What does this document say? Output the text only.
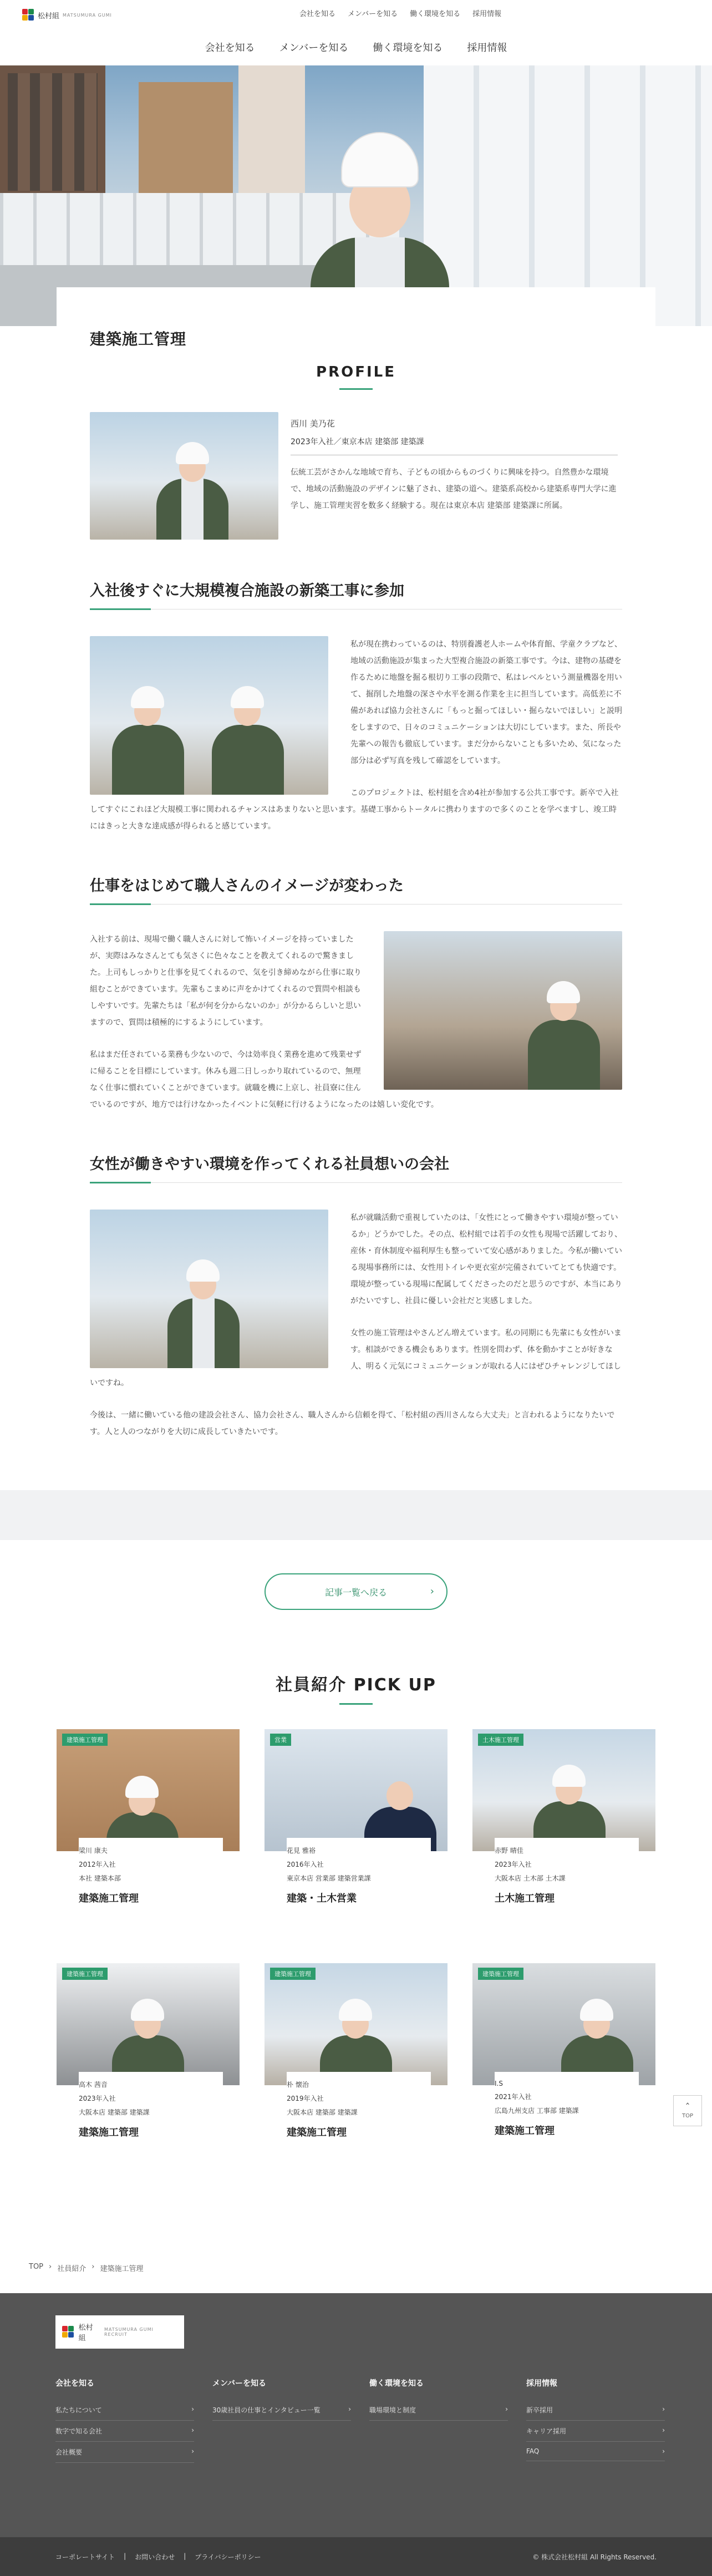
松村組 MATSUMURA GUMI	会社を知る メンバーを知る 働く環境を知る 採用情報
会社を知る メンバーを知る 働く環境を知る 採用情報
建築施工管理
PROFILE
西川 美乃花
2023年入社／東京本店 建築部 建築課

伝統工芸がさかんな地域で育ち、子どもの頃からものづくりに興味を持つ。自然豊かな環境で、地域の活動施設のデザインに魅了され、建築の道へ。建築系高校から建築系専門大学に進学し、施工管理実習を数多く経験する。現在は東京本店 建築部 建築課に所属。

入社後すぐに大規模複合施設の新築工事に参加

私が現在携わっているのは、特別養護老人ホームや体育館、学童クラブなど、地域の活動施設が集まった大型複合施設の新築工事です。今は、建物の基礎を作るために地盤を掘る根切り工事の段階で、私はレベルという測量機器を用いて、掘削した地盤の深さや水平を測る作業を主に担当しています。高低差に不備があれば協力会社さんに「もっと掘ってほしい・掘らないでほしい」と説明をしますので、日々のコミュニケーションは大切にしています。また、所長や先輩への報告も徹底しています。まだ分からないことも多いため、気になった部分は必ず写真を残して確認をしています。

このプロジェクトは、松村組を含め4社が参加する公共工事です。新卒で入社してすぐにこれほど大規模工事に関われるチャンスはあまりないと思います。基礎工事からトータルに携わりますので多くのことを学べますし、竣工時にはきっと大きな達成感が得られると感じています。

仕事をはじめて職人さんのイメージが変わった

入社する前は、現場で働く職人さんに対して怖いイメージを持っていましたが、実際はみなさんとても気さくに色々なことを教えてくれるので驚きました。上司もしっかりと仕事を見てくれるので、気を引き締めながら仕事に取り組むことができています。先輩もこまめに声をかけてくれるので質問や相談もしやすいです。先輩たちは「私が何を分からないのか」が分かるらしいと思いますので、質問は積極的にするようにしています。

私はまだ任されている業務も少ないので、今は効率良く業務を進めて残業せずに帰ることを目標にしています。休みも週二日しっかり取れているので、無理なく仕事に慣れていくことができています。就職を機に上京し、社員寮に住んでいるのですが、地方では行けなかったイベントに気軽に行けるようになったのは嬉しい変化です。

女性が働きやすい環境を作ってくれる社員想いの会社

私が就職活動で重視していたのは、「女性にとって働きやすい環境が整っているか」どうかでした。その点、松村組では若手の女性も現場で活躍しており、産休・育休制度や福利厚生も整っていて安心感がありました。今私が働いている現場事務所には、女性用トイレや更衣室が完備されていてとても快適です。環境が整っている現場に配属してくださったのだと思うのですが、本当にありがたいですし、社員に優しい会社だと実感しました。

女性の施工管理はやさんどん増えています。私の同期にも先輩にも女性がいます。相談ができる機会もあります。性別を問わず、体を動かすことが好きな人、明るく元気にコミュニケーションが取れる人にはぜひチャレンジしてほしいですね。

今後は、一緒に働いている他の建設会社さん、協力会社さん、職人さんから信頼を得て、「松村組の西川さんなら大丈夫」と言われるようになりたいです。人と人のつながりを大切に成長していきたいです。

記事一覧へ戻る	›
社員紹介 PICK UP
建築施工管理
梁川 康夫
2012年入社
本社 建築本部
建築施工管理
営業
花見 雅裕
2016年入社
東京本店 営業部 建築営業課
建築・土木営業
土木施工管理
赤野 晴佳
2023年入社
大阪本店 土木部 土木課
土木施工管理
建築施工管理
高木 茜音
2023年入社
大阪本店 建築部 建築課
建築施工管理
建築施工管理
朴 懐治
2019年入社
大阪本店 建築部 建築課
建築施工管理
建築施工管理
I.S
2021年入社
広島九州支店 工事部 建築課
建築施工管理
ˆ
TOP
TOP › 社員紹介 › 建築施工管理
松村組
MATSUMURA GUMI RECRUIT
会社を知る
私たちについて	›
数字で知る会社	›
会社概要	›
メンバーを知る
30歳社員の仕事とインタビュー一覧	›
働く環境を知る
職場環境と制度	›
採用情報
新卒採用	›
キャリア採用	›
FAQ	›
コーポレートサイト | お問い合わせ | プライバシーポリシー	© 株式会社松村組 All Rights Reserved.
